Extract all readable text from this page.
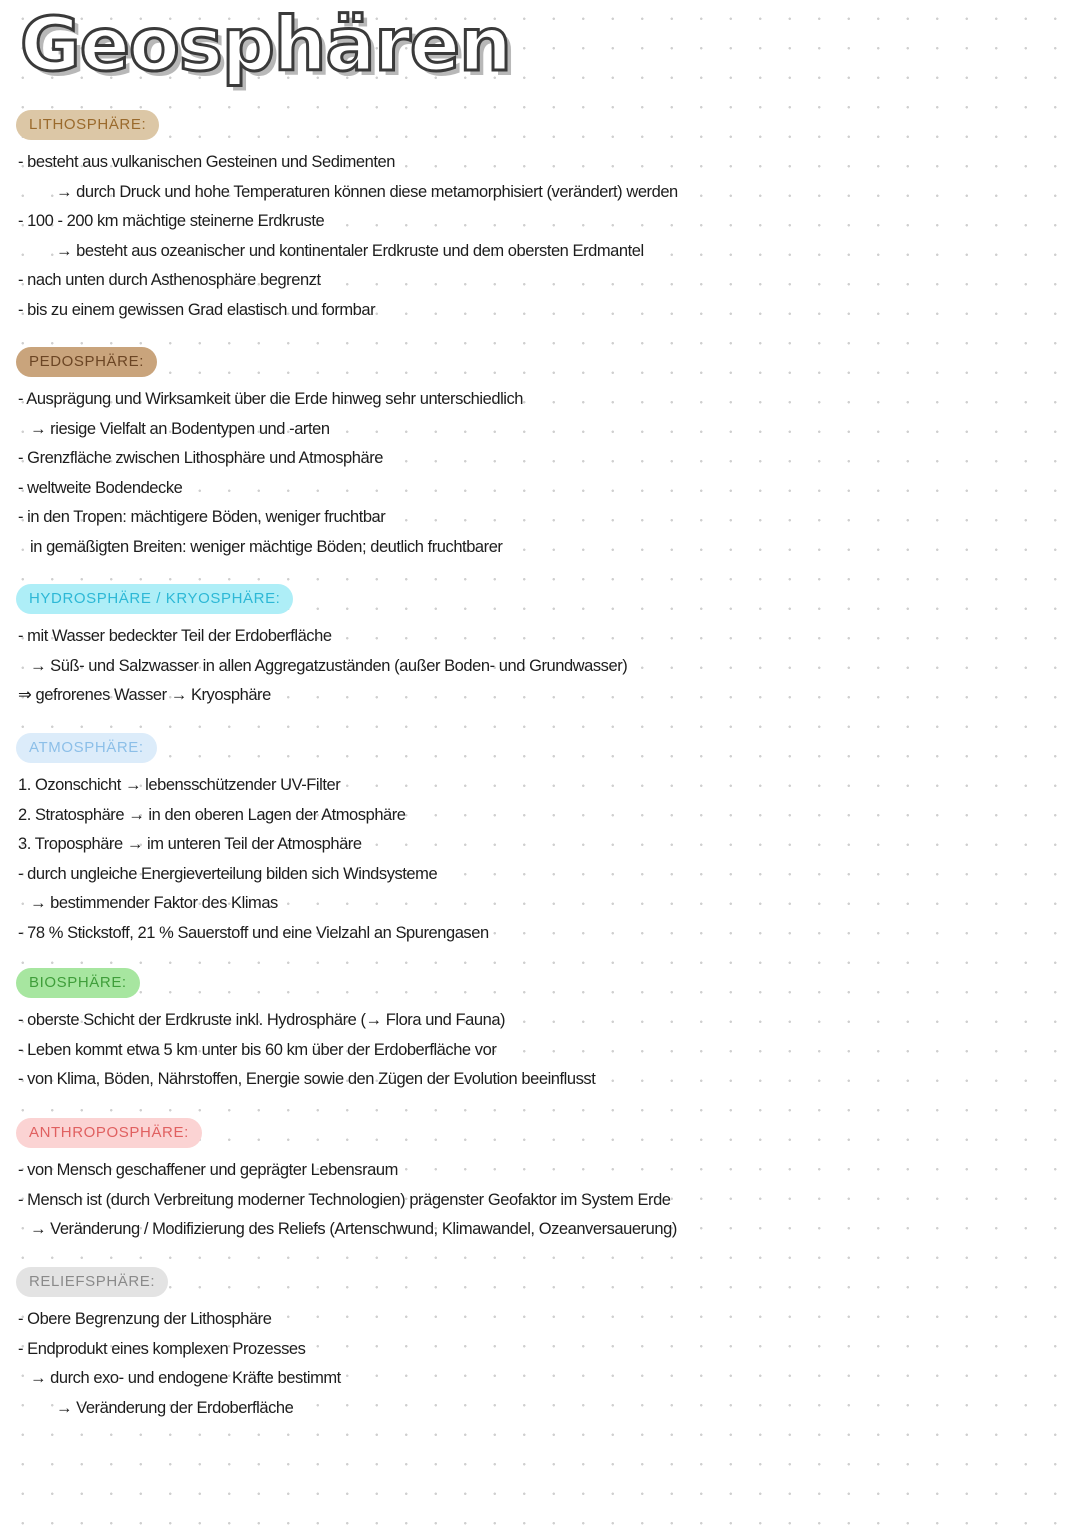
Geosphären
LITHOSPHÄRE:
- besteht aus vulkanischen Gesteinen und Sedimenten
→ durch Druck und hohe Temperaturen können diese metamorphisiert (verändert) werden
- 100 - 200 km mächtige steinerne Erdkruste
→ besteht aus ozeanischer und kontinentaler Erdkruste und dem obersten Erdmantel
- nach unten durch Asthenosphäre begrenzt
- bis zu einem gewissen Grad elastisch und formbar
PEDOSPHÄRE:
- Ausprägung und Wirksamkeit über die Erde hinweg sehr unterschiedlich
→ riesige Vielfalt an Bodentypen und -arten
- Grenzfläche zwischen Lithosphäre und Atmosphäre
- weltweite Bodendecke
- in den Tropen: mächtigere Böden, weniger fruchtbar
in gemäßigten Breiten: weniger mächtige Böden; deutlich fruchtbarer
HYDROSPHÄRE / KRYOSPHÄRE:
- mit Wasser bedeckter Teil der Erdoberfläche
→ Süß- und Salzwasser in allen Aggregatzuständen (außer Boden- und Grundwasser)
⇒ gefrorenes Wasser → Kryosphäre
ATMOSPHÄRE:
1. Ozonschicht → lebensschützender UV-Filter
2. Stratosphäre → in den oberen Lagen der Atmosphäre
3. Troposphäre → im unteren Teil der Atmosphäre
- durch ungleiche Energieverteilung bilden sich Windsysteme
→ bestimmender Faktor des Klimas
- 78 % Stickstoff, 21 % Sauerstoff und eine Vielzahl an Spurengasen
BIOSPHÄRE:
- oberste Schicht der Erdkruste inkl. Hydrosphäre (→ Flora und Fauna)
- Leben kommt etwa 5 km unter bis 60 km über der Erdoberfläche vor
- von Klima, Böden, Nährstoffen, Energie sowie den Zügen der Evolution beeinflusst
ANTHROPOSPHÄRE:
- von Mensch geschaffener und geprägter Lebensraum
- Mensch ist (durch Verbreitung moderner Technologien) prägenster Geofaktor im System Erde
→ Veränderung / Modifizierung des Reliefs (Artenschwund, Klimawandel, Ozeanversauerung)
RELIEFSPHÄRE:
- Obere Begrenzung der Lithosphäre
- Endprodukt eines komplexen Prozesses
→ durch exo- und endogene Kräfte bestimmt
→ Veränderung der Erdoberfläche
